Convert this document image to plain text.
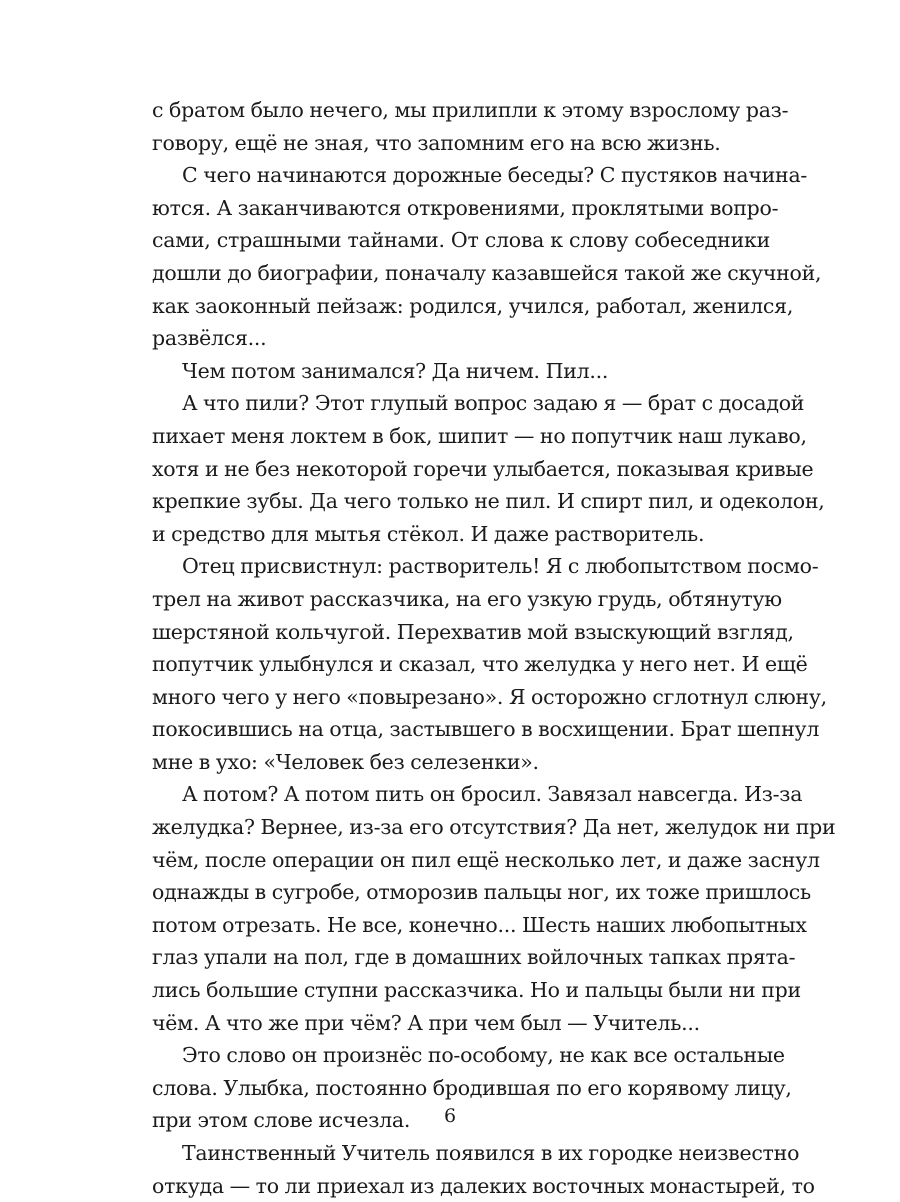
с братом было нечего, мы прилипли к этому взрослому раз-
говору, ещё не зная, что запомним его на всю жизнь.
С чего начинаются дорожные беседы? С пустяков начина-
ются. А заканчиваются откровениями, проклятыми вопро-
сами, страшными тайнами. От слова к слову собеседники
дошли до биографии, поначалу казавшейся такой же скучной,
как заоконный пейзаж: родился, учился, работал, женился,
развёлся...
Чем потом занимался? Да ничем. Пил...
А что пили? Этот глупый вопрос задаю я — брат с досадой
пихает меня локтем в бок, шипит — но попутчик наш лукаво,
хотя и не без некоторой горечи улыбается, показывая кривые
крепкие зубы. Да чего только не пил. И спирт пил, и одеколон,
и средство для мытья стёкол. И даже растворитель.
Отец присвистнул: растворитель! Я с любопытством посмо-
трел на живот рассказчика, на его узкую грудь, обтянутую
шерстяной кольчугой. Перехватив мой взыскующий взгляд,
попутчик улыбнулся и сказал, что желудка у него нет. И ещё
много чего у него «повырезано». Я осторожно сглотнул слюну,
покосившись на отца, застывшего в восхищении. Брат шепнул
мне в ухо: «Человек без селезенки».
А потом? А потом пить он бросил. Завязал навсегда. Из-за
желудка? Вернее, из-за его отсутствия? Да нет, желудок ни при
чём, после операции он пил ещё несколько лет, и даже заснул
однажды в сугробе, отморозив пальцы ног, их тоже пришлось
потом отрезать. Не все, конечно... Шесть наших любопытных
глаз упали на пол, где в домашних войлочных тапках прята-
лись большие ступни рассказчика. Но и пальцы были ни при
чём. А что же при чём? А при чем был — Учитель...
Это слово он произнёс по-особому, не как все остальные
слова. Улыбка, постоянно бродившая по его корявому лицу,
при этом слове исчезла.
Таинственный Учитель появился в их городке неизвестно
откуда — то ли приехал из далеких восточных монастырей, то
6
